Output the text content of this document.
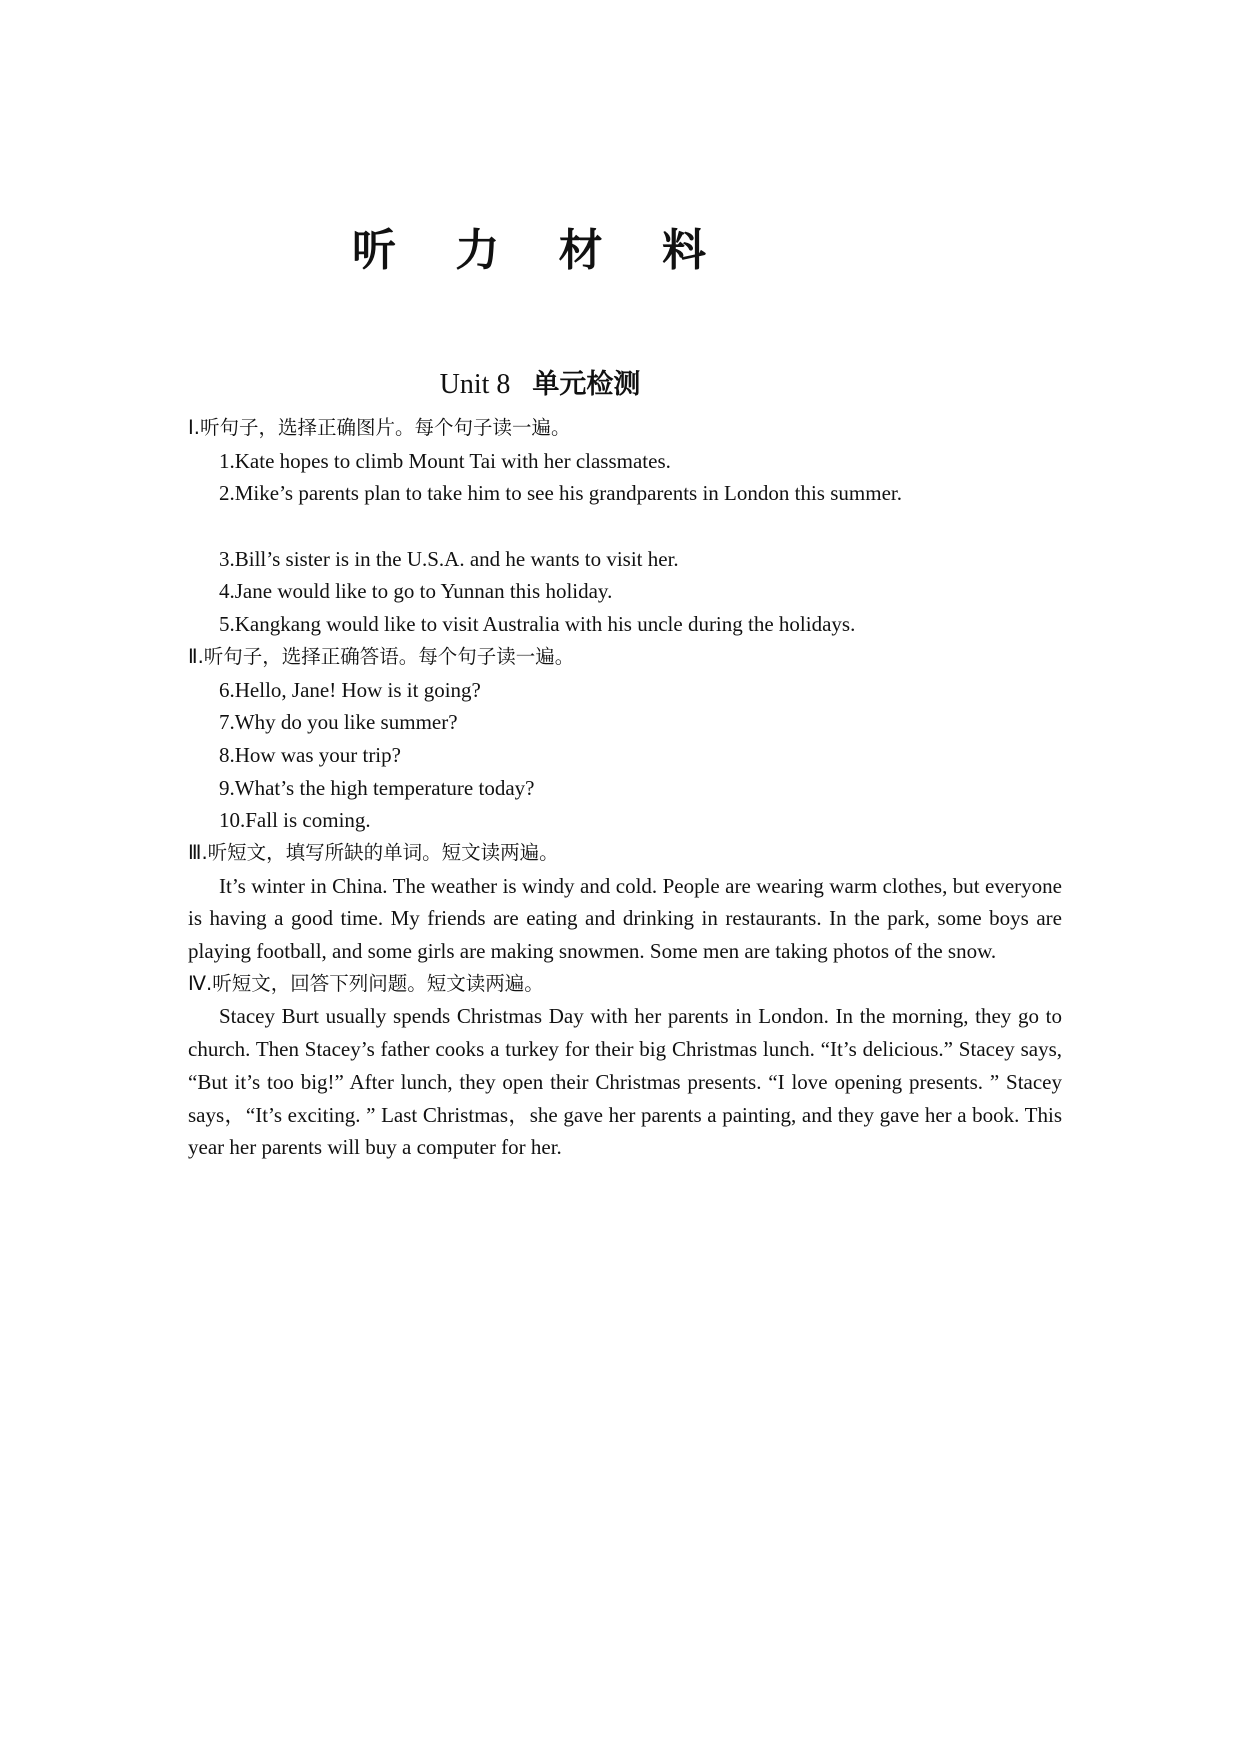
听 力 材 料
Unit 8 单元检测
Ⅰ.听句子，选择正确图片。每个句子读一遍。
1.Kate hopes to climb Mount Tai with her classmates.
2.Mike’s parents plan to take him to see his grandparents in London this summer.
3.Bill’s sister is in the U.S.A. and he wants to visit her.
4.Jane would like to go to Yunnan this holiday.
5.Kangkang would like to visit Australia with his uncle during the holidays.
Ⅱ.听句子，选择正确答语。每个句子读一遍。
6.Hello, Jane! How is it going?
7.Why do you like summer?
8.How was your trip?
9.What’s the high temperature today?
10.Fall is coming.
Ⅲ.听短文，填写所缺的单词。短文读两遍。

It’s winter in China. The weather is windy and cold. People are wearing warm clothes, but everyone is having a good time. My friends are eating and drinking in restaurants. In the park, some boys are playing football, and some girls are making snowmen. Some men are taking photos of the snow.

Ⅳ.听短文，回答下列问题。短文读两遍。

Stacey Burt usually spends Christmas Day with her parents in London. In the morning, they go to church. Then Stacey’s father cooks a turkey for their big Christmas lunch. “It’s delicious.” Stacey says, “But it’s too big!” After lunch, they open their Christmas presents. “I love opening presents. ” Stacey says，“It’s exciting. ” Last Christmas，she gave her parents a painting, and they gave her a book. This year her parents will buy a computer for her.
